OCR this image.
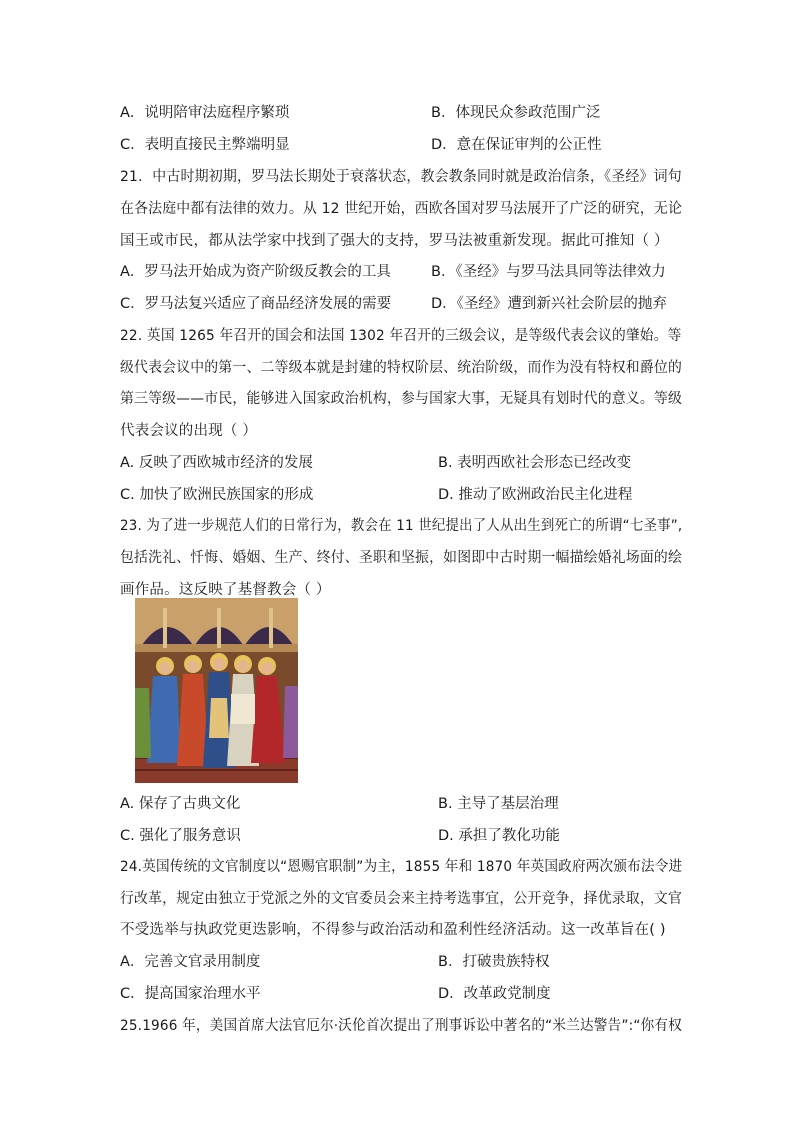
A．说明陪审法庭程序繁琐	B．体现民众参政范围广泛
C．表明直接民主弊端明显	D．意在保证审判的公正性
21．中古时期初期，罗马法长期处于衰落状态，教会教条同时就是政治信条，《圣经》词句
在各法庭中都有法律的效力。从 12 世纪开始，西欧各国对罗马法展开了广泛的研究，无论
国王或市民，都从法学家中找到了强大的支持，罗马法被重新发现。据此可推知（ ）
A．罗马法开始成为资产阶级反教会的工具	B．《圣经》与罗马法具同等法律效力
C．罗马法复兴适应了商品经济发展的需要	D．《圣经》遭到新兴社会阶层的抛弃
22. 英国 1265 年召开的国会和法国 1302 年召开的三级会议，是等级代表会议的肇始。等
级代表会议中的第一、二等级本就是封建的特权阶层、统治阶级，而作为没有特权和爵位的
第三等级——市民，能够进入国家政治机构，参与国家大事，无疑具有划时代的意义。等级
代表会议的出现（ ）
A. 反映了西欧城市经济的发展	B. 表明西欧社会形态已经改变
C. 加快了欧洲民族国家的形成	D. 推动了欧洲政治民主化进程
23. 为了进一步规范人们的日常行为，教会在 11 世纪提出了人从出生到死亡的所谓“七圣事”,
包括洗礼、忏悔、婚姻、生产、终付、圣职和坚振，如图即中古时期一幅描绘婚礼场面的绘
画作品。这反映了基督教会（ ）
A. 保存了古典文化	B. 主导了基层治理
C. 强化了服务意识	D. 承担了教化功能
24.英国传统的文官制度以“恩赐官职制”为主，1855 年和 1870 年英国政府两次颁布法令进
行改革，规定由独立于党派之外的文官委员会来主持考选事宜，公开竞争，择优录取，文官
不受选举与执政党更迭影响，不得参与政治活动和盈利性经济活动。这一改革旨在( )
A．完善文官录用制度	B．打破贵族特权
C．提高国家治理水平	D．改革政党制度
25.1966 年，美国首席大法官厄尔·沃伦首次提出了刑事诉讼中著名的“米兰达警告”:“你有权
